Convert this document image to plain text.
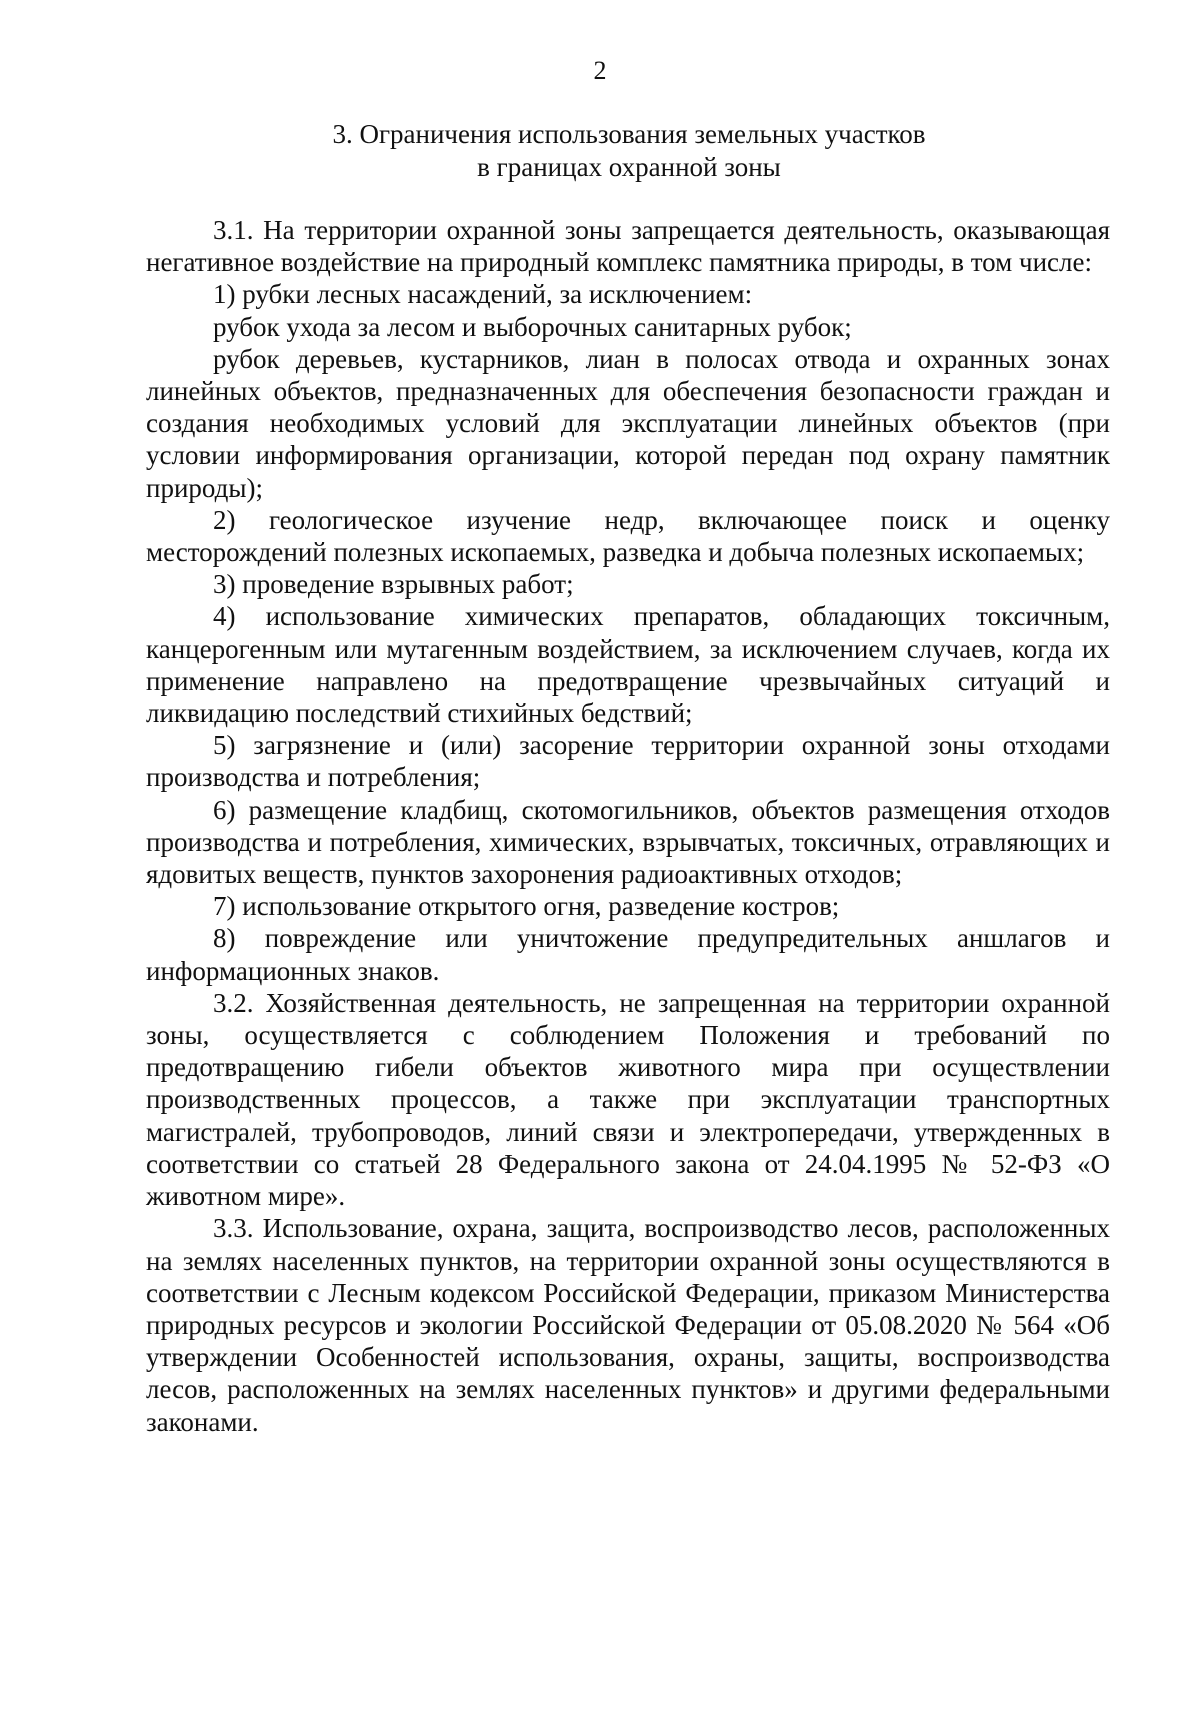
2
3. Ограничения использования земельных участков
в границах охранной зоны

3.1. На территории охранной зоны запрещается деятельность, оказывающая негативное воздействие на природный комплекс памятника природы, в том числе:

1) рубки лесных насаждений, за исключением:

рубок ухода за лесом и выборочных санитарных рубок;

рубок деревьев, кустарников, лиан в полосах отвода и охранных зонах линейных объектов, предназначенных для обеспечения безопасности граждан и создания необходимых условий для эксплуатации линейных объектов (при условии информирования организации, которой передан под охрану памятник природы);

2) геологическое изучение недр, включающее поиск и оценку месторождений полезных ископаемых, разведка и добыча полезных ископаемых;

3) проведение взрывных работ;

4) использование химических препаратов, обладающих токсичным, канцерогенным или мутагенным воздействием, за исключением случаев, когда их применение направлено на предотвращение чрезвычайных ситуаций и ликвидацию последствий стихийных бедствий;

5) загрязнение и (или) засорение территории охранной зоны отходами производства и потребления;

6) размещение кладбищ, скотомогильников, объектов размещения отходов производства и потребления, химических, взрывчатых, токсичных, отравляющих и ядовитых веществ, пунктов захоронения радиоактивных отходов;

7) использование открытого огня, разведение костров;

8) повреждение или уничтожение предупредительных аншлагов и информационных знаков.

3.2. Хозяйственная деятельность, не запрещенная на территории охранной зоны, осуществляется с соблюдением Положения и требований по предотвращению гибели объектов животного мира при осуществлении производственных процессов, а также при эксплуатации транспортных магистралей, трубопроводов, линий связи и электропередачи, утвержденных в соответствии со статьей 28 Федерального закона от 24.04.1995 № 52-ФЗ «О животном мире».

3.3. Использование, охрана, защита, воспроизводство лесов, расположенных на землях населенных пунктов, на территории охранной зоны осуществляются в соответствии с Лесным кодексом Российской Федерации, приказом Министерства природных ресурсов и экологии Российской Федерации от 05.08.2020 № 564 «Об утверждении Особенностей использования, охраны, защиты, воспроизводства лесов, расположенных на землях населенных пунктов» и другими федеральными законами.
